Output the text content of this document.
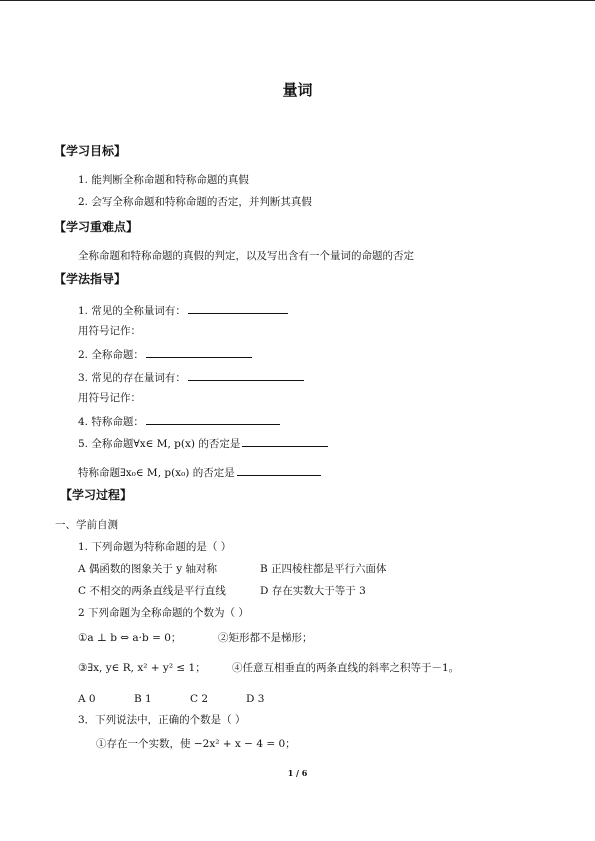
量词
【学习目标】
1. 能判断全称命题和特称命题的真假
2. 会写全称命题和特称命题的否定，并判断其真假
【学习重难点】
全称命题和特称命题的真假的判定，以及写出含有一个量词的命题的否定
【学法指导】
1. 常见的全称量词有：
用符号记作：
2. 全称命题：
3. 常见的存在量词有：
用符号记作：
4. 特称命题：
5. 全称命题∀x∈ M, p(x) 的否定是
特称命题∃x₀∈ M, p(x₀) 的否定是
【学习过程】
一、学前自测
1. 下列命题为特称命题的是（ ）
A 偶函数的图象关于 y 轴对称	B 正四棱柱都是平行六面体
C 不相交的两条直线是平行直线	D 存在实数大于等于 3
2 下列命题为全称命题的个数为（ ）
①a ⊥ b ⇔ a·b = 0；	②矩形都不是梯形；
③∃x, y∈ R, x² + y² ≤ 1；	④任意互相垂直的两条直线的斜率之积等于－1。
A 0	B 1	C 2	D 3
3．下列说法中，正确的个数是（ ）
①存在一个实数，使 −2x² + x − 4 = 0；
1 / 6
